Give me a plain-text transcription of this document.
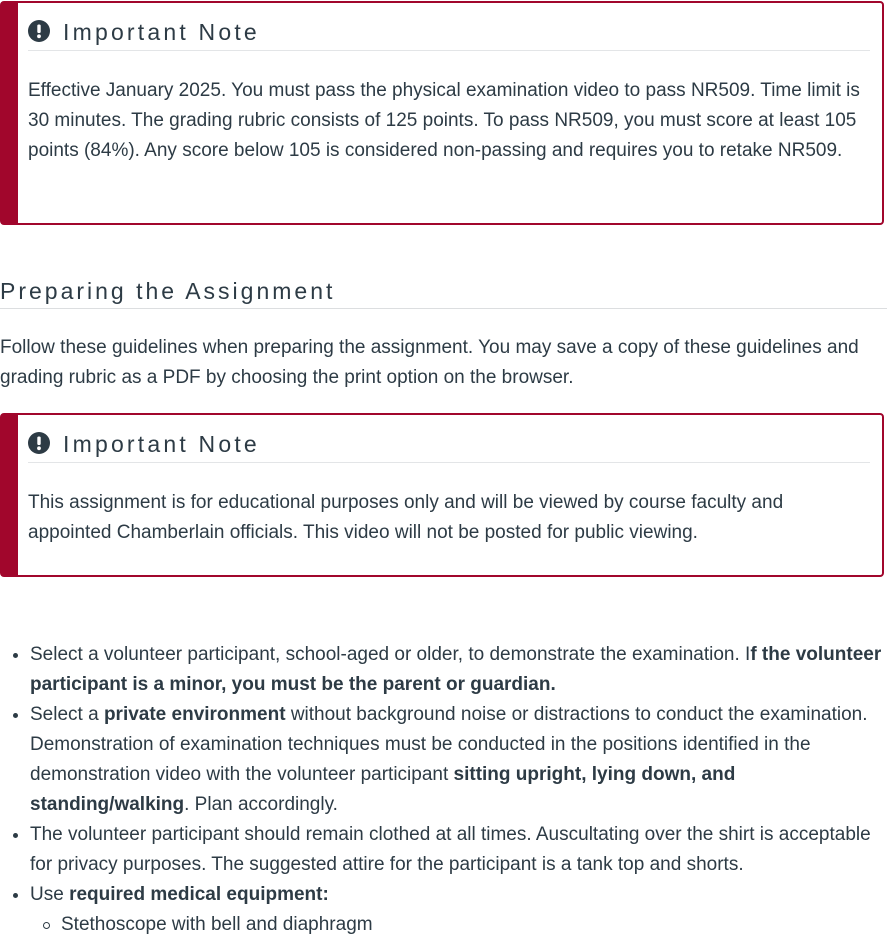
Important Note
Effective January 2025. You must pass the physical examination video to pass NR509. Time limit is 30 minutes. The grading rubric consists of 125 points. To pass NR509, you must score at least 105 points (84%). Any score below 105 is considered non-passing and requires you to retake NR509.
Preparing the Assignment
Follow these guidelines when preparing the assignment. You may save a copy of these guidelines and grading rubric as a PDF by choosing the print option on the browser.
Important Note
This assignment is for educational purposes only and will be viewed by course faculty and appointed Chamberlain officials. This video will not be posted for public viewing.
Select a volunteer participant, school-aged or older, to demonstrate the examination. If the volunteer participant is a minor, you must be the parent or guardian.
Select a private environment without background noise or distractions to conduct the examination. Demonstration of examination techniques must be conducted in the positions identified in the demonstration video with the volunteer participant sitting upright, lying down, and standing/walking. Plan accordingly.
The volunteer participant should remain clothed at all times. Auscultating over the shirt is acceptable for privacy purposes. The suggested attire for the participant is a tank top and shorts.
Use required medical equipment:
Stethoscope with bell and diaphragm
